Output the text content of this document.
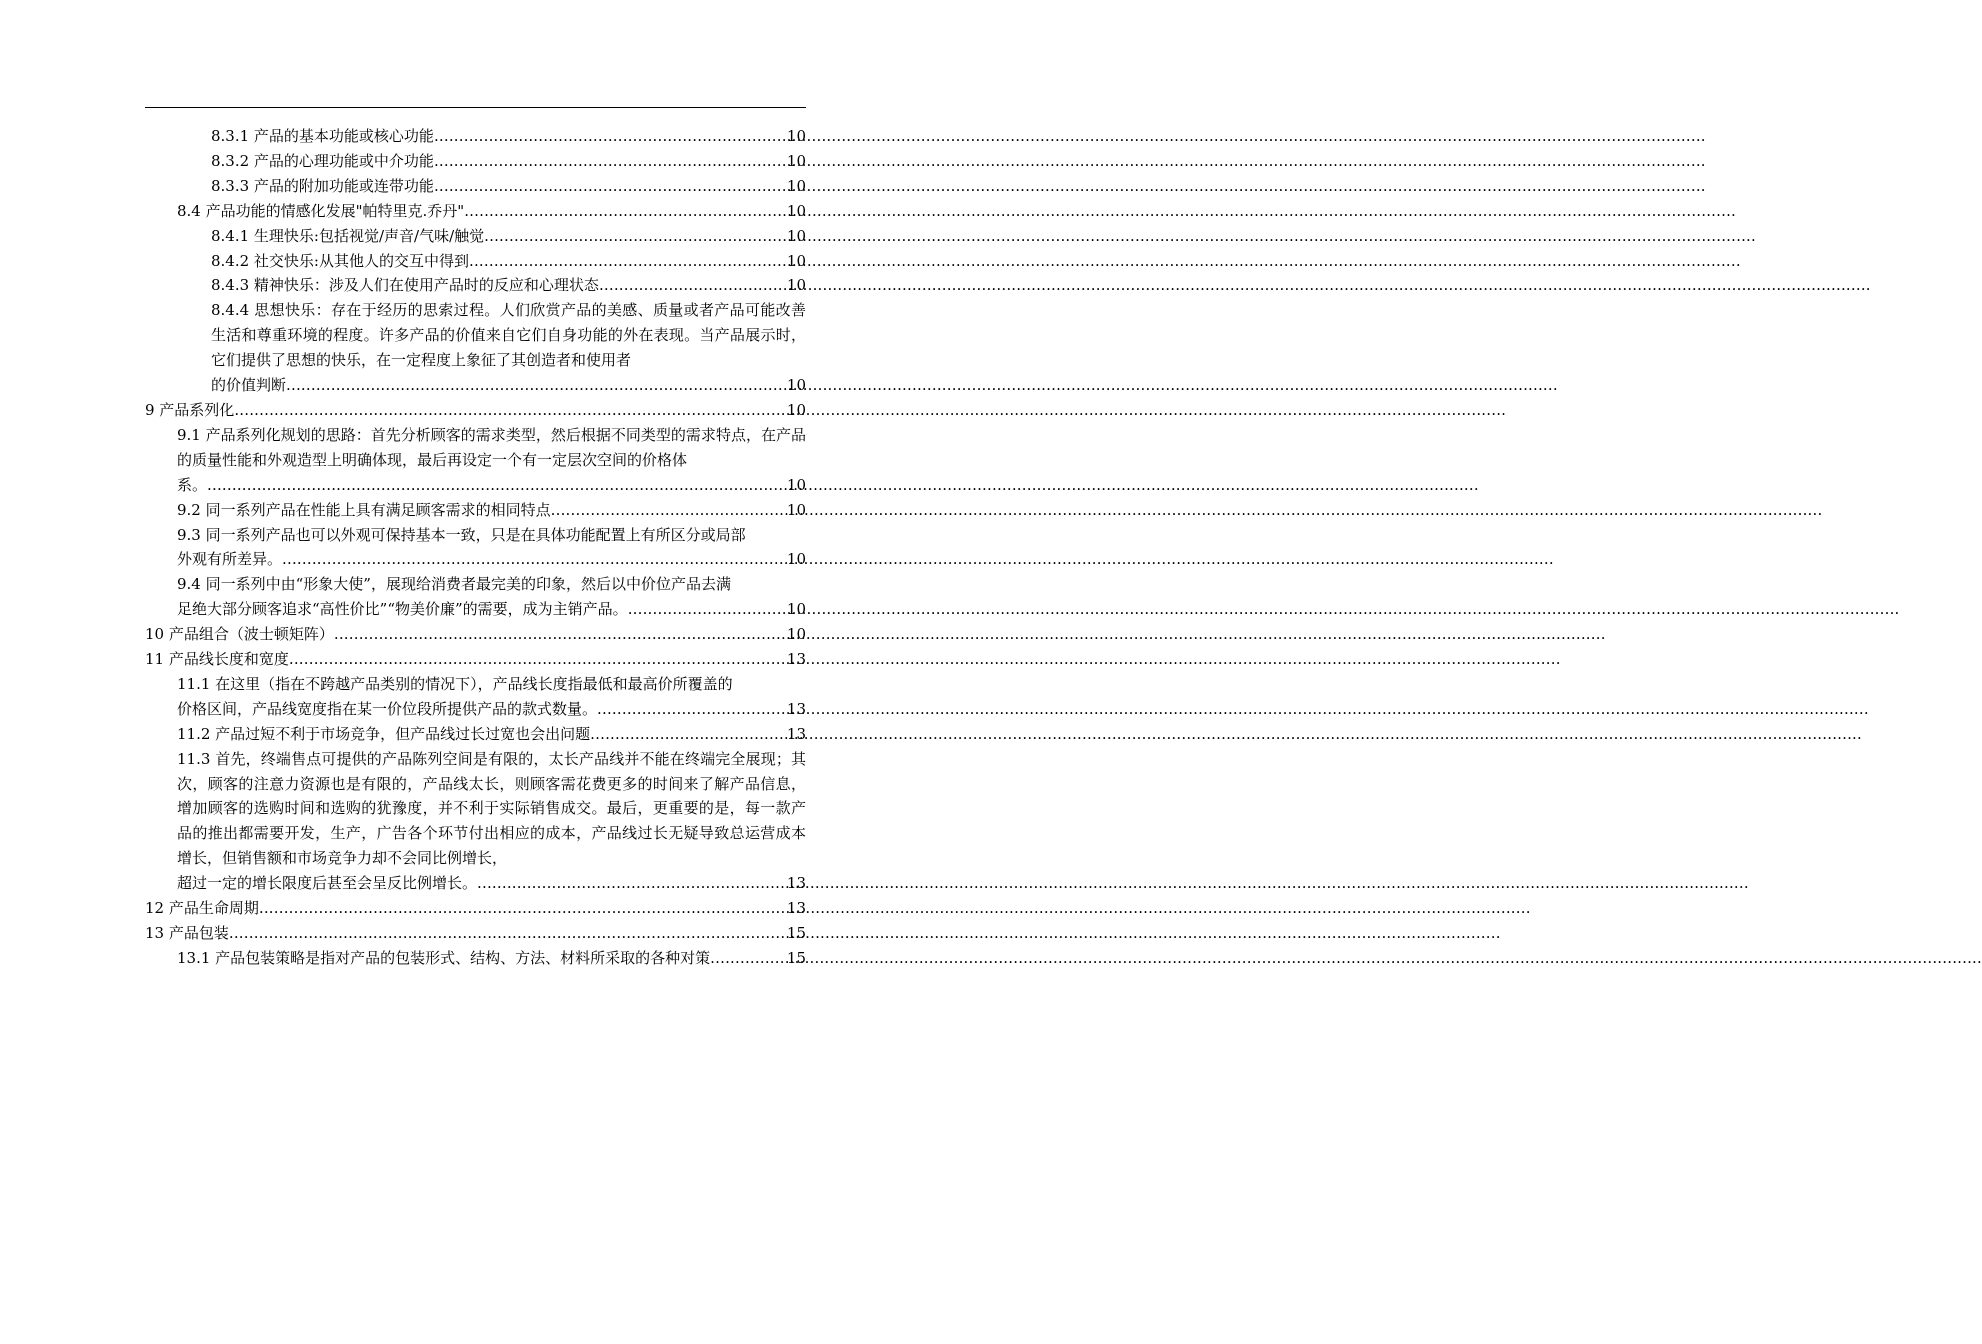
8.3.1 产品的基本功能或核心功能 .....	10
8.3.2 产品的心理功能或中介功能 .....	10
8.3.3 产品的附加功能或连带功能 .....	10
8.4 产品功能的情感化发展"帕特里克.乔丹" .....	10
8.4.1 生理快乐:包括视觉/声音/气味/触觉 .....	10
8.4.2 社交快乐:从其他人的交互中得到 .....	10
8.4.3 精神快乐：涉及人们在使用产品时的反应和心理状态 .....	10
8.4.4 思想快乐：存在于经历的思索过程。人们欣赏产品的美感、质量或者产品可能改善生活和尊重环境的程度。许多产品的价值来自它们自身功能的外在表现。当产品展示时，它们提供了思想的快乐，在一定程度上象征了其创造者和使用者
的价值判断 .....	10
9 产品系列化 .....	10
9.1 产品系列化规划的思路：首先分析顾客的需求类型，然后根据不同类型的需求特点，在产品的质量性能和外观造型上明确体现，最后再设定一个有一定层次空间的价格体
系。 .....	10
9.2 同一系列产品在性能上具有满足顾客需求的相同特点 .....	10
9.3 同一系列产品也可以外观可保持基本一致，只是在具体功能配置上有所区分或局部
外观有所差异。 .....	10
9.4 同一系列中由“形象大使”，展现给消费者最完美的印象，然后以中价位产品去满
足绝大部分顾客追求“高性价比”“物美价廉”的需要，成为主销产品。 .....	10
10 产品组合（波士顿矩阵） .....	10
11 产品线长度和宽度 .....	13
11.1 在这里（指在不跨越产品类别的情况下），产品线长度指最低和最高价所覆盖的
价格区间，产品线宽度指在某一价位段所提供产品的款式数量。 .....	13
11.2 产品过短不利于市场竞争，但产品线过长过宽也会出问题 .....	13
11.3 首先，终端售点可提供的产品陈列空间是有限的，太长产品线并不能在终端完全展现；其次，顾客的注意力资源也是有限的，产品线太长，则顾客需花费更多的时间来了解产品信息，增加顾客的选购时间和选购的犹豫度，并不利于实际销售成交。最后，更重要的是，每一款产品的推出都需要开发，生产，广告各个环节付出相应的成本，产品线过长无疑导致总运营成本增长，但销售额和市场竞争力却不会同比例增长，
超过一定的增长限度后甚至会呈反比例增长。 .....	13
12 产品生命周期 .....	13
13 产品包装 .....	15
13.1 产品包装策略是指对产品的包装形式、结构、方法、材料所采取的各种对策 .....	15
